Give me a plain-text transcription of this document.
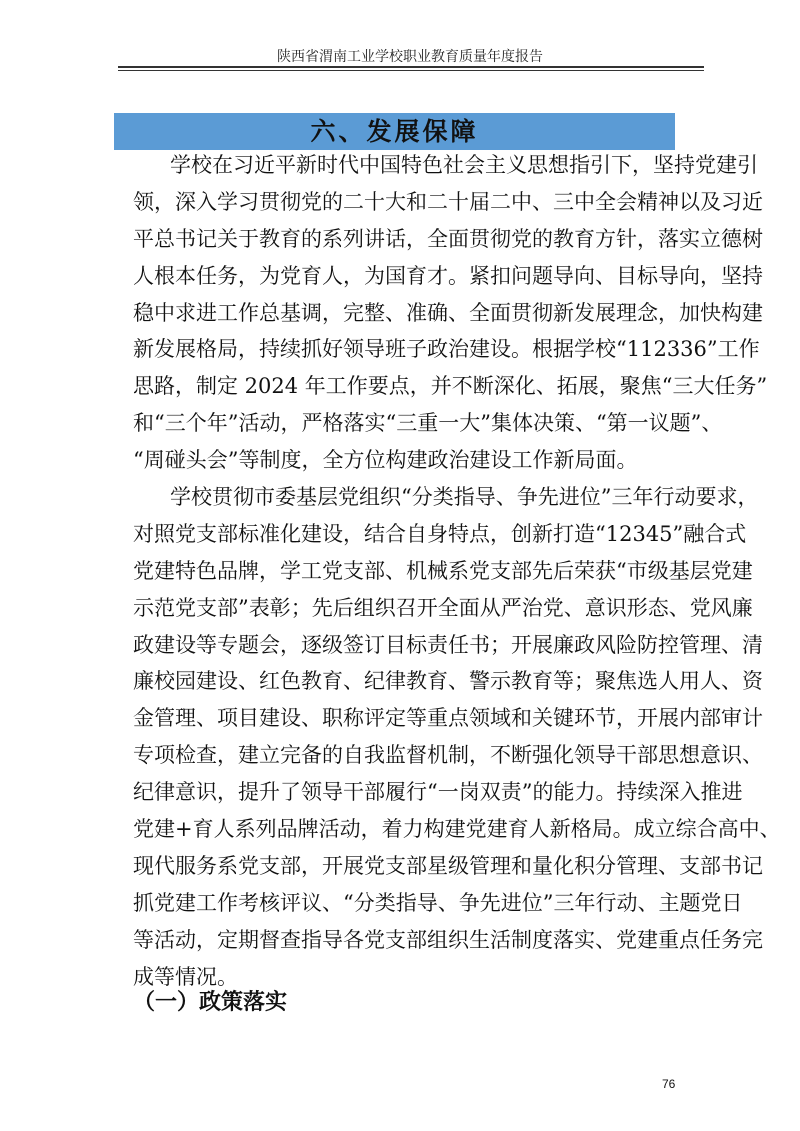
陕西省渭南工业学校职业教育质量年度报告
六、发展保障
学校在习近平新时代中国特色社会主义思想指引下，坚持党建引
领，深入学习贯彻党的二十大和二十届二中、三中全会精神以及习近
平总书记关于教育的系列讲话，全面贯彻党的教育方针，落实立德树
人根本任务，为党育人，为国育才。紧扣问题导向、目标导向，坚持
稳中求进工作总基调，完整、准确、全面贯彻新发展理念，加快构建
新发展格局，持续抓好领导班子政治建设。根据学校“112336”工作
思路，制定 2024 年工作要点，并不断深化、拓展，聚焦“三大任务”
和“三个年”活动，严格落实“三重一大”集体决策、“第一议题”、
“周碰头会”等制度，全方位构建政治建设工作新局面。
学校贯彻市委基层党组织“分类指导、争先进位”三年行动要求，
对照党支部标准化建设，结合自身特点，创新打造“12345”融合式
党建特色品牌，学工党支部、机械系党支部先后荣获“市级基层党建
示范党支部”表彰；先后组织召开全面从严治党、意识形态、党风廉
政建设等专题会，逐级签订目标责任书；开展廉政风险防控管理、清
廉校园建设、红色教育、纪律教育、警示教育等；聚焦选人用人、资
金管理、项目建设、职称评定等重点领域和关键环节，开展内部审计
专项检查，建立完备的自我监督机制，不断强化领导干部思想意识、
纪律意识，提升了领导干部履行“一岗双责”的能力。持续深入推进
党建+育人系列品牌活动，着力构建党建育人新格局。成立综合高中、
现代服务系党支部，开展党支部星级管理和量化积分管理、支部书记
抓党建工作考核评议、“分类指导、争先进位”三年行动、主题党日
等活动，定期督查指导各党支部组织生活制度落实、党建重点任务完
成等情况。
（一）政策落实
76
